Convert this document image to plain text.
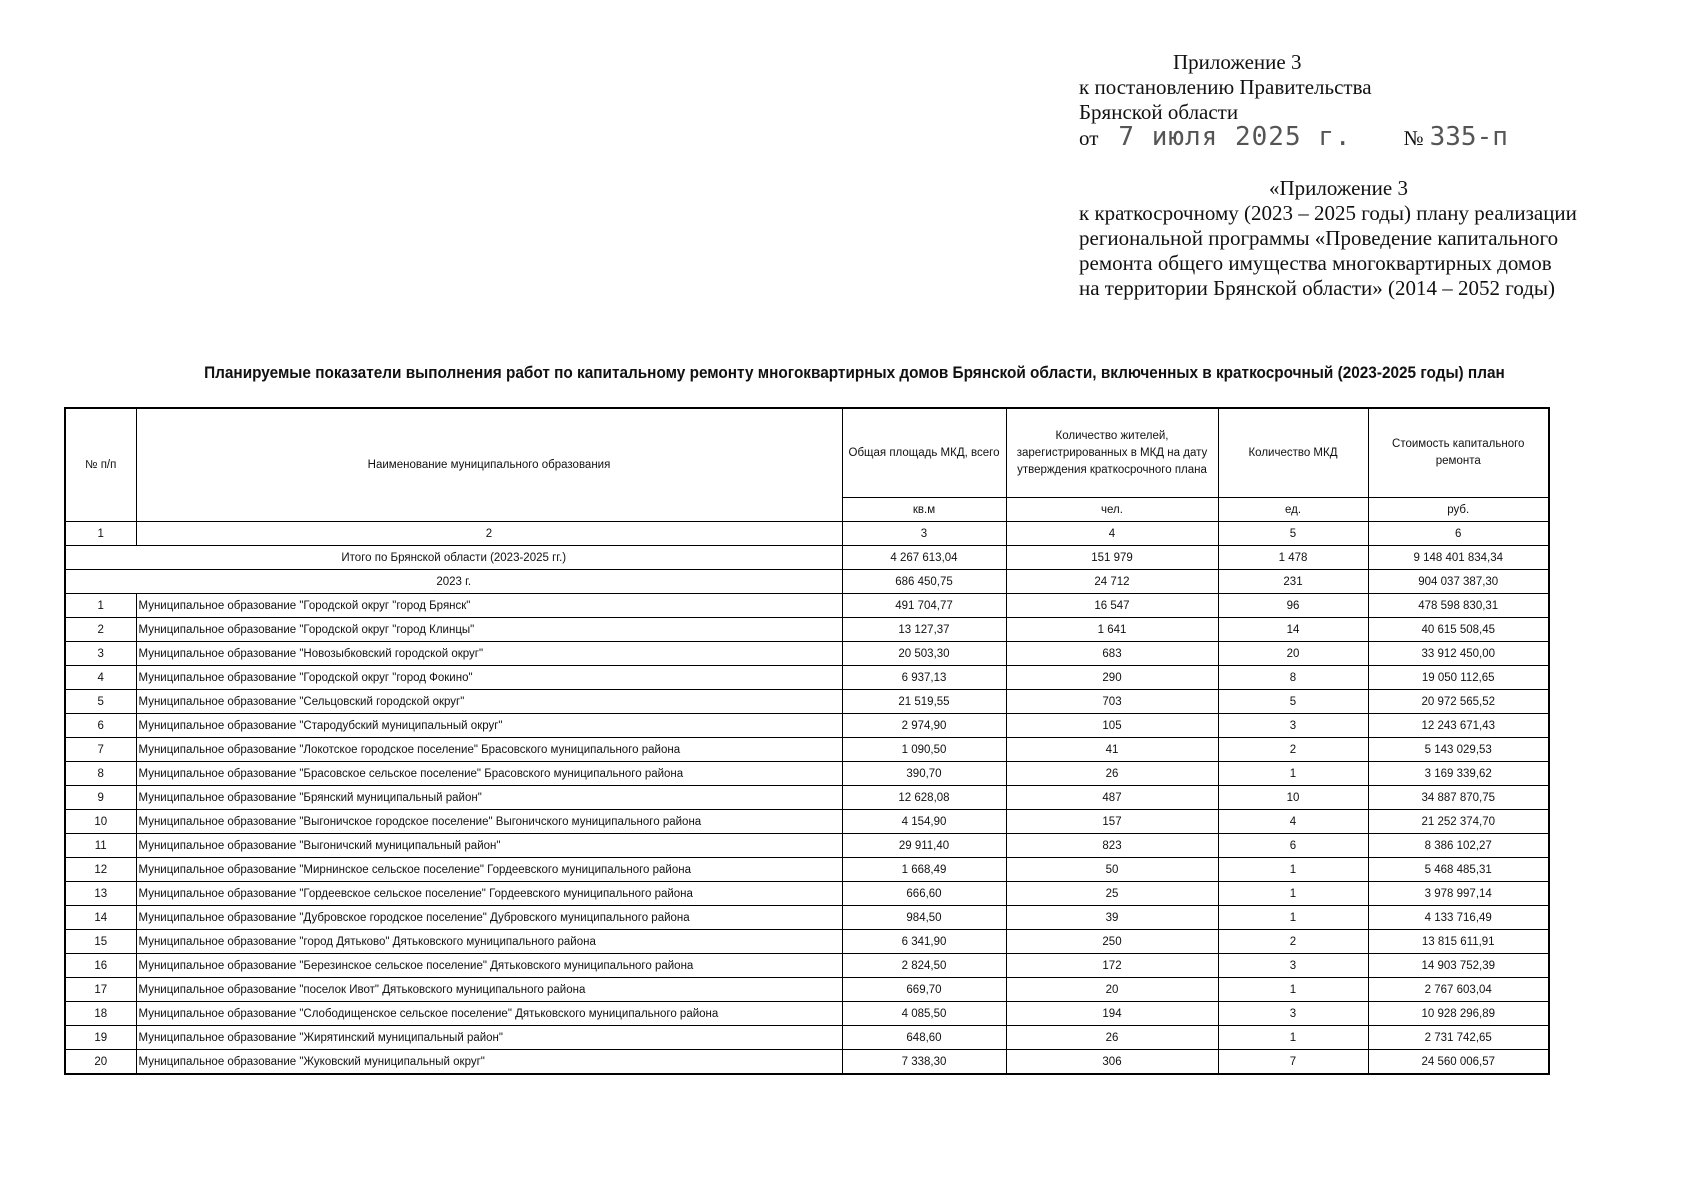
Приложение 3
к постановлению Правительства
Брянской области
от 7 июля 2025 г. № 335-п
«Приложение 3
к краткосрочному (2023 – 2025 годы) плану реализации
региональной программы «Проведение капитального
ремонта общего имущества многоквартирных домов
на территории Брянской области» (2014 – 2052 годы)
Планируемые показатели выполнения работ по капитальному ремонту многоквартирных домов Брянской области, включенных в краткосрочный (2023-2025 годы) план
№ п/п	Наименование муниципального образования	Общая площадь МКД, всего	Количество жителей, зарегистрированных в МКД на дату утверждения краткосрочного плана	Количество МКД	Стоимость капитального ремонта
		кв.м	чел.	ед.	руб.
1	2	3	4	5	6
Итого по Брянской области (2023-2025 гг.)		4 267 613,04	151 979	1 478	9 148 401 834,34
2023 г.		686 450,75	24 712	231	904 037 387,30
1	Муниципальное образование "Городской округ "город Брянск"	491 704,77	16 547	96	478 598 830,31
2	Муниципальное образование "Городской округ "город Клинцы"	13 127,37	1 641	14	40 615 508,45
3	Муниципальное образование "Новозыбковский городской округ"	20 503,30	683	20	33 912 450,00
4	Муниципальное образование "Городской округ "город Фокино"	6 937,13	290	8	19 050 112,65
5	Муниципальное образование "Сельцовский городской округ"	21 519,55	703	5	20 972 565,52
6	Муниципальное образование "Стародубский муниципальный округ"	2 974,90	105	3	12 243 671,43
7	Муниципальное образование "Локотское городское поселение" Брасовского муниципального района	1 090,50	41	2	5 143 029,53
8	Муниципальное образование "Брасовское сельское поселение" Брасовского муниципального района	390,70	26	1	3 169 339,62
9	Муниципальное образование "Брянский муниципальный район"	12 628,08	487	10	34 887 870,75
10	Муниципальное образование "Выгоничское городское поселение" Выгоничского муниципального района	4 154,90	157	4	21 252 374,70
11	Муниципальное образование "Выгоничский муниципальный район"	29 911,40	823	6	8 386 102,27
12	Муниципальное образование "Мирнинское сельское поселение" Гордеевского муниципального района	1 668,49	50	1	5 468 485,31
13	Муниципальное образование "Гордеевское сельское поселение" Гордеевского муниципального района	666,60	25	1	3 978 997,14
14	Муниципальное образование "Дубровское городское поселение" Дубровского муниципального района	984,50	39	1	4 133 716,49
15	Муниципальное образование "город Дятьково" Дятьковского муниципального района	6 341,90	250	2	13 815 611,91
16	Муниципальное образование "Березинское сельское поселение" Дятьковского муниципального района	2 824,50	172	3	14 903 752,39
17	Муниципальное образование "поселок Ивот" Дятьковского муниципального района	669,70	20	1	2 767 603,04
18	Муниципальное образование "Слободищенское сельское поселение" Дятьковского муниципального района	4 085,50	194	3	10 928 296,89
19	Муниципальное образование "Жирятинский муниципальный район"	648,60	26	1	2 731 742,65
20	Муниципальное образование "Жуковский муниципальный округ"	7 338,30	306	7	24 560 006,57
